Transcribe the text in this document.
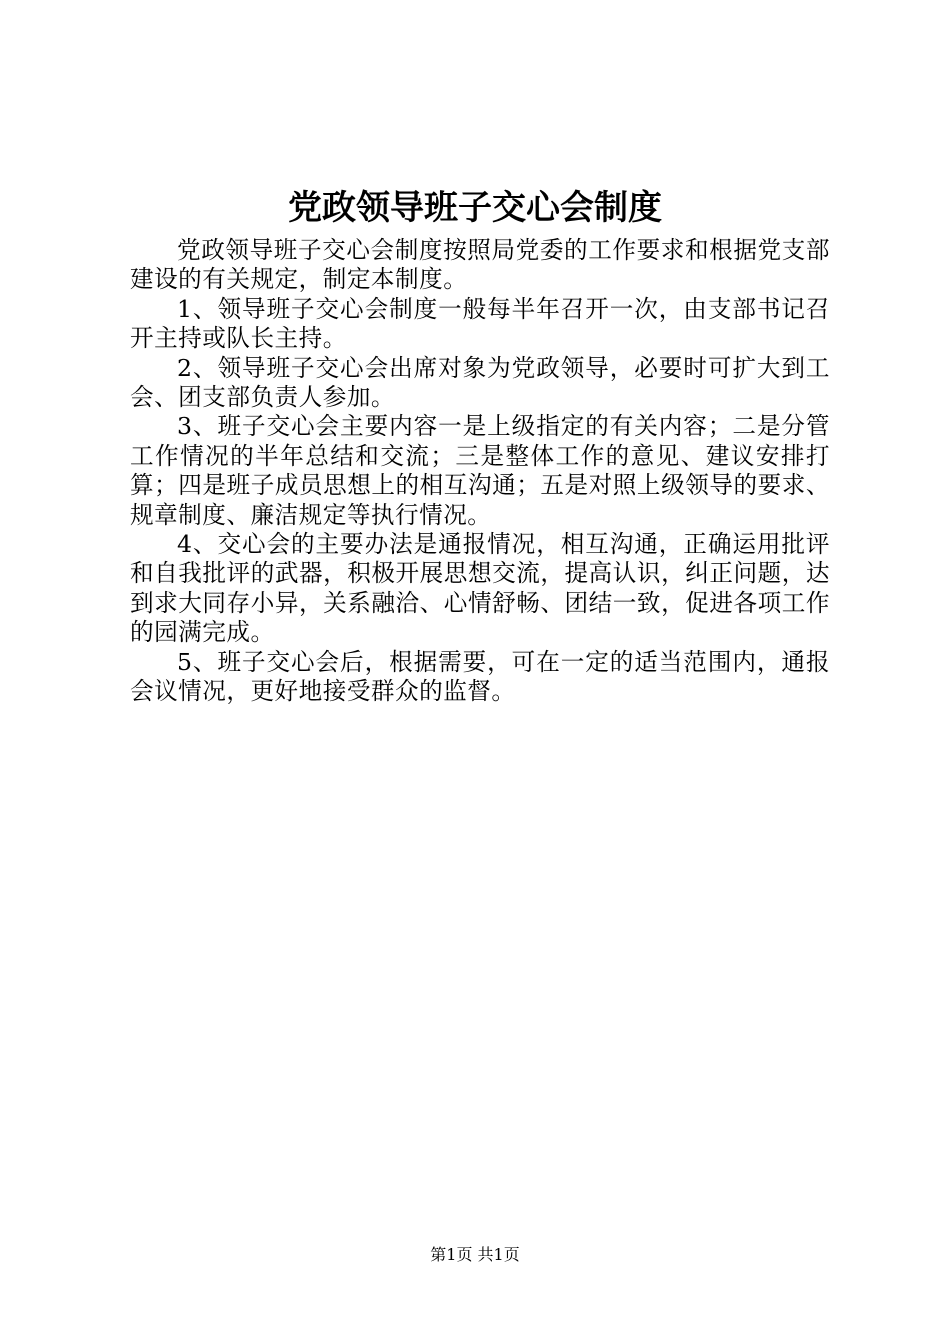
党政领导班子交心会制度

党政领导班子交心会制度按照局党委的工作要求和根据党支部建设的有关规定，制定本制度。

1、领导班子交心会制度一般每半年召开一次，由支部书记召开主持或队长主持。

2、领导班子交心会出席对象为党政领导，必要时可扩大到工会、团支部负责人参加。

3、班子交心会主要内容一是上级指定的有关内容；二是分管工作情况的半年总结和交流；三是整体工作的意见、建议安排打算；四是班子成员思想上的相互沟通；五是对照上级领导的要求、规章制度、廉洁规定等执行情况。

4、交心会的主要办法是通报情况，相互沟通，正确运用批评和自我批评的武器，积极开展思想交流，提高认识，纠正问题，达到求大同存小异，关系融洽、心情舒畅、团结一致，促进各项工作的园满完成。

5、班子交心会后，根据需要，可在一定的适当范围内，通报会议情况，更好地接受群众的监督。

第1页 共1页
